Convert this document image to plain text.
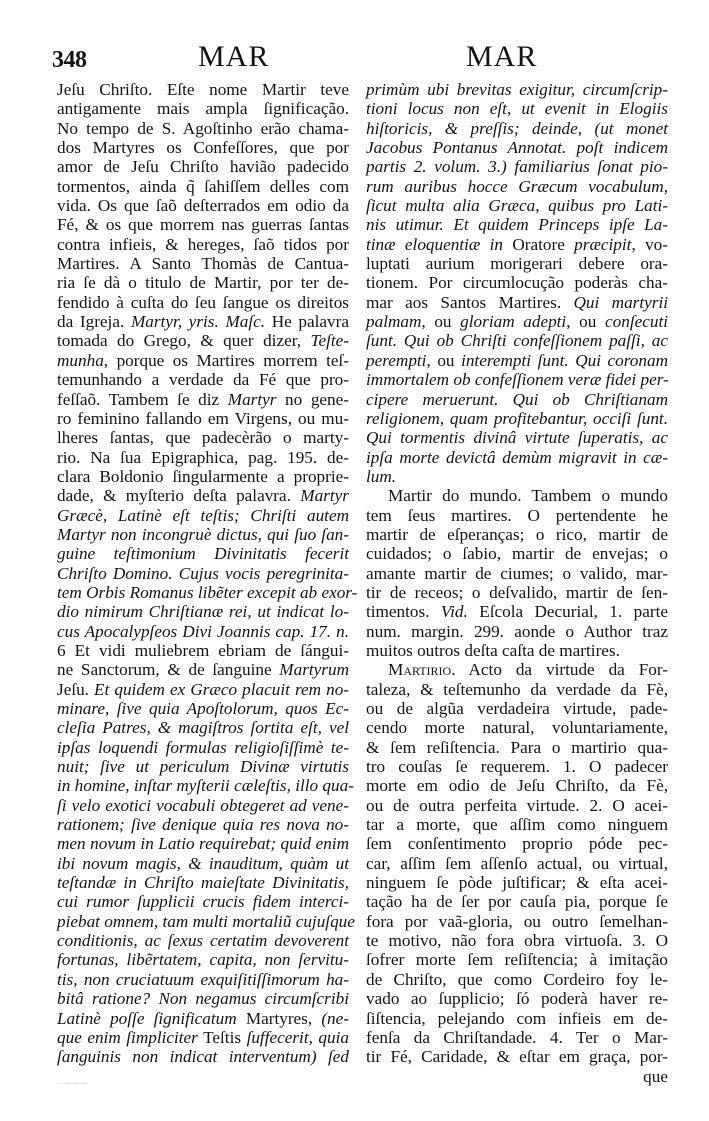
348	MAR	MAR
Jeſu Chriſto. Eſte nome Martir teve
antigamente mais ampla ſignificação.
No tempo de S. Agoſtinho erão chama-
dos Martyres os Confeſſores, que por
amor de Jeſu Chriſto havião padecido
tormentos, ainda q̃ ſahiſſem delles com
vida. Os que ſaõ deſterrados em odio da
Fé, & os que morrem nas guerras ſantas
contra infieis, & hereges, ſaõ tidos por
Martires. A Santo Thomàs de Cantua-
ria ſe dà o titulo de Martir, por ter de-
fendido à cuſta do ſeu ſangue os direitos
da Igreja. Martyr, yris. Maſc. He palavra
tomada do Grego, & quer dizer, Teſte-
munha, porque os Martires morrem teſ-
temunhando a verdade da Fé que pro-
feſſaõ. Tambem ſe diz Martyr no gene-
ro feminino fallando em Virgens, ou mu-
lheres ſantas, que padecèrão o marty-
rio. Na ſua Epigraphica, pag. 195. de-
clara Boldonio ſingularmente a proprie-
dade, & myſterio deſta palavra. Martyr
Græcè, Latinè eſt teſtis; Chriſti autem
Martyr non incongruè dictus, qui ſuo ſan-
guine teſtimonium Divinitatis fecerit
Chriſto Domino. Cujus vocis peregrinita-
tem Orbis Romanus libẽter excepit ab exor-
dio nimirum Chriſtianæ rei, ut indicat lo-
cus Apocalypſeos Divi Joannis cap. 17. n.
6 Et vidi muliebrem ebriam de ſángui-
ne Sanctorum, & de ſanguine Martyrum
Jeſu. Et quidem ex Græco placuit rem no-
minare, ſive quia Apoſtolorum, quos Ec-
cleſia Patres, & magiſtros ſortita eſt, vel
ipſas loquendi formulas religioſiſſimè te-
nuit; ſive ut periculum Divinæ virtutis
in homine, inſtar myſterii cæleſtis, illo qua-
ſi velo exotici vocabuli obtegeret ad vene-
rationem; ſive denique quia res nova no-
men novum in Latio requirebat; quid enim
ibi novum magis, & inauditum, quàm ut
teſtandæ in Chriſto maieſtate Divinitatis,
cui rumor ſupplicii crucis fidem interci-
piebat omnem, tam multi mortaliũ cujuſque
conditionis, ac ſexus certatim devoverent
fortunas, libẽrtatem, capita, non ſervitu-
tis, non cruciatuum exquiſitiſſimorum ha-
bitâ ratione? Non negamus circumſcribi
Latinè poſſe ſignificatum Martyres, (ne-
que enim ſimpliciter Teſtis ſuffecerit, quia
ſanguinis non indicat interventum) ſed
primùm ubi brevitas exigitur, circumſcrip-
tioni locus non eſt, ut evenit in Elogiis
hiſtoricis, & preſſis; deinde, (ut monet
Jacobus Pontanus Annotat. poſt indicem
partis 2. volum. 3.) familiarius ſonat pio-
rum auribus hocce Græcum vocabulum,
ſicut multa alia Græca, quibus pro Lati-
nis utimur. Et quidem Princeps ipſe La-
tinæ eloquentiæ in Oratore præcipit, vo-
luptati aurium morigerari debere ora-
tionem. Por circumlocução poderàs cha-
mar aos Santos Martires. Qui martyrii
palmam, ou gloriam adepti, ou conſecuti
ſunt. Qui ob Chriſti confeſſionem paſſi, ac
perempti, ou interempti ſunt. Qui coronam
immortalem ob confeſſionem veræ fidei per-
cipere meruerunt. Qui ob Chriſtianam
religionem, quam profitebantur, occiſi ſunt.
Qui tormentis divinâ virtute ſuperatis, ac
ipſa morte devictâ demùm migravit in cæ-
lum.
Martir do mundo. Tambem o mundo
tem ſeus martires. O pertendente he
martir de eſperanças; o rico, martir de
cuidados; o ſabio, martir de envejas; o
amante martir de ciumes; o valido, mar-
tir de receos; o deſvalido, martir de ſen-
timentos. Vid. Eſcola Decurial, 1. parte
num. margin. 299. aonde o Author traz
muitos outros deſta caſta de martires.
Martirio. Acto da virtude da For-
taleza, & teſtemunho da verdade da Fè,
ou de algũa verdadeira virtude, pade-
cendo morte natural, voluntariamente,
& ſem reſiſtencia. Para o martirio qua-
tro couſas ſe requerem. 1. O padecer
morte em odio de Jeſu Chriſto, da Fè,
ou de outra perfeita virtude. 2. O acei-
tar a morte, que aſſim como ninguem
ſem conſentimento proprio póde pec-
car, aſſim ſem aſſenſo actual, ou virtual,
ninguem ſe pòde juſtificar; & eſta acei-
tação ha de ſer por cauſa pia, porque ſe
fora por vaã-gloria, ou outro ſemelhan-
te motivo, não fora obra virtuoſa. 3. O
ſofrer morte ſem reſiſtencia; à imitação
de Chriſto, que como Cordeiro foy le-
vado ao ſupplicio; ſó poderà haver re-
ſiſtencia, pelejando com infieis em de-
fenſa da Chriſtandade. 4. Ter o Mar-
tir Fé, Caridade, & eſtar em graça, por-
que
